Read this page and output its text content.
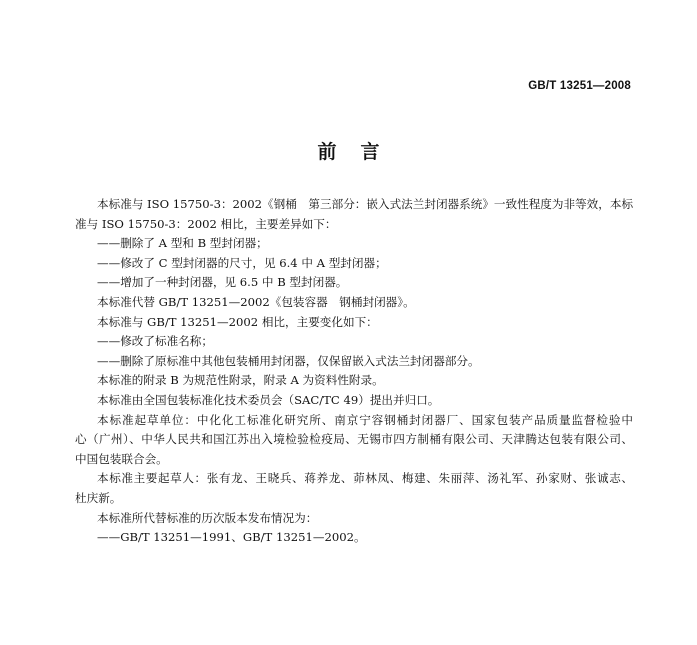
GB/T 13251—2008
前言
本标准与 ISO 15750-3：2002《钢桶　第三部分：嵌入式法兰封闭器系统》一致性程度为非等效，本标
准与 ISO 15750-3：2002 相比，主要差异如下：
——删除了 A 型和 B 型封闭器；
——修改了 C 型封闭器的尺寸，见 6.4 中 A 型封闭器；
——增加了一种封闭器，见 6.5 中 B 型封闭器。
本标准代替 GB/T 13251—2002《包装容器　钢桶封闭器》。
本标准与 GB/T 13251—2002 相比，主要变化如下：
——修改了标准名称；
——删除了原标准中其他包装桶用封闭器，仅保留嵌入式法兰封闭器部分。
本标准的附录 B 为规范性附录，附录 A 为资料性附录。
本标准由全国包装标准化技术委员会（SAC/TC 49）提出并归口。
本标准起草单位：中化化工标准化研究所、南京宁容钢桶封闭器厂、国家包装产品质量监督检验中
心（广州）、中华人民共和国江苏出入境检验检疫局、无锡市四方制桶有限公司、天津腾达包装有限公司、
中国包装联合会。
本标准主要起草人：张有龙、王晓兵、蒋养龙、茆林凤、梅建、朱丽萍、汤礼军、孙家财、张诚志、
杜庆新。
本标准所代替标准的历次版本发布情况为：
——GB/T 13251—1991、GB/T 13251—2002。
